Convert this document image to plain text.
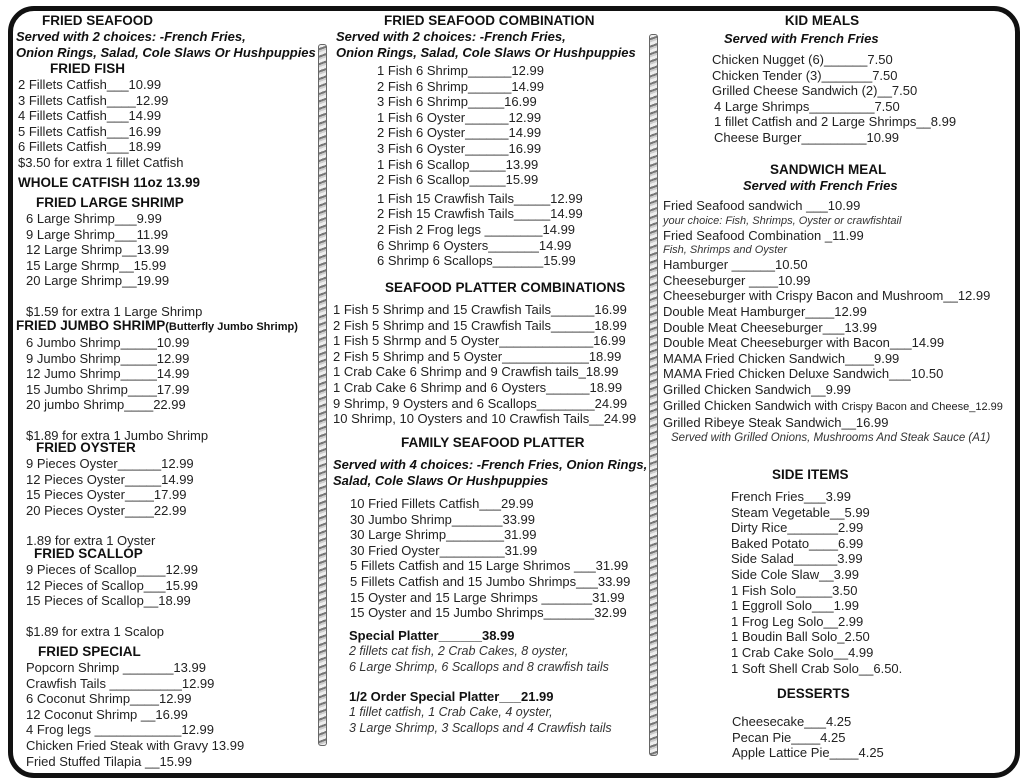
FRIED SEAFOOD
Served with 2 choices: -French Fries,
Onion Rings, Salad, Cole Slaws Or Hushpuppies
FRIED FISH
2 Fillets Catfish___10.99
3 Fillets Catfish____12.99
4 Fillets Catfish___14.99
5 Fillets Catfish___16.99
6 Fillets Catfish___18.99
$3.50 for extra 1 fillet Catfish
WHOLE CATFISH 11oz 13.99
FRIED LARGE SHRIMP
6 Large Shrimp___9.99
9 Large Shrimp___11.99
12 Large Shrimp__13.99
15 Large Shrmp__15.99
20 Large Shrimp__19.99
$1.59 for extra 1 Large Shrimp
FRIED JUMBO SHRIMP(Butterfly Jumbo Shrimp)
6 Jumbo Shrimp_____10.99
9 Jumbo Shrimp_____12.99
12 Jumo Shrimp_____14.99
15 Jumbo Shrimp____17.99
20 jumbo Shrimp____22.99
$1.89 for extra 1 Jumbo Shrimp
FRIED OYSTER
9 Pieces Oyster______12.99
12 Pieces Oyster_____14.99
15 Pieces Oyster____17.99
20 Pieces Oyster____22.99
1.89 for extra 1 Oyster
FRIED SCALLOP
9 Pieces of Scallop____12.99
12 Pieces of Scallop___15.99
15 Pieces of Scallop__18.99
$1.89 for extra 1 Scalop
FRIED SPECIAL
Popcorn Shrimp _______13.99
Crawfish Tails __________12.99
6 Coconut Shrimp____12.99
12 Coconut Shrimp __16.99
4 Frog legs ____________12.99
Chicken Fried Steak with Gravy 13.99
Fried Stuffed Tilapia __15.99
FRIED SEAFOOD COMBINATION
Served with 2 choices: -French Fries,
Onion Rings, Salad, Cole Slaws Or Hushpuppies
1 Fish 6 Shrimp______12.99
2 Fish 6 Shrimp______14.99
3 Fish 6 Shrimp_____16.99
1 Fish 6 Oyster______12.99
2 Fish 6 Oyster______14.99
3 Fish 6 Oyster______16.99
1 Fish 6 Scallop_____13.99
2 Fish 6 Scallop_____15.99
1 Fish 15 Crawfish Tails_____12.99
2 Fish 15 Crawfish Tails_____14.99
2 Fish 2 Frog legs ________14.99
6 Shrimp 6 Oysters_______14.99
6 Shrimp 6 Scallops_______15.99
SEAFOOD PLATTER COMBINATIONS
1 Fish 5 Shrimp and 15 Crawfish Tails______16.99
2 Fish 5 Shrimp and 15 Crawfish Tails______18.99
1 Fish 5 Shrmp and 5 Oyster_____________16.99
2 Fish 5 Shrimp and 5 Oyster____________18.99
1 Crab Cake 6 Shrimp and 9 Crawfish tails_18.99
1 Crab Cake 6 Shrimp and 6 Oysters______18.99
9 Shrimp, 9 Oysters and 6 Scallops________24.99
10 Shrimp, 10 Oysters and 10 Crawfish Tails__24.99
FAMILY SEAFOOD PLATTER
Served with 4 choices: -French Fries, Onion Rings,
Salad, Cole Slaws Or Hushpuppies
10 Fried Fillets Catfish___29.99
30 Jumbo Shrimp_______33.99
30 Large Shrimp________31.99
30 Fried Oyster_________31.99
5 Fillets Catfish and 15 Large Shrimos ___31.99
5 Fillets Catfish and 15 Jumbo Shrimps___33.99
15 Oyster and 15 Large Shrimps _______31.99
15 Oyster and 15 Jumbo Shrimps_______32.99
Special Platter______38.99
2 fillets cat fish, 2 Crab Cakes, 8 oyster,
6 Large Shrimp, 6 Scallops and 8 crawfish tails
1/2 Order Special Platter___21.99
1 fillet catfish, 1 Crab Cake, 4 oyster,
3 Large Shrimp, 3 Scallops and 4 Crawfish tails
KID MEALS
Served with French Fries
Chicken Nugget (6)______7.50
Chicken Tender (3)_______7.50
Grilled Cheese Sandwich (2)__7.50
4 Large Shrimps_________7.50
1 fillet Catfish and 2 Large Shrimps__8.99
Cheese Burger_________10.99
SANDWICH MEAL
Served with French Fries
Fried Seafood sandwich ___10.99
your choice: Fish, Shrimps, Oyster or crawfishtail
Fried Seafood Combination _11.99
Fish, Shrimps and Oyster
Hamburger ______10.50
Cheeseburger ____10.99
Cheeseburger with Crispy Bacon and Mushroom__12.99
Double Meat Hamburger____12.99
Double Meat Cheeseburger___13.99
Double Meat Cheeseburger with Bacon___14.99
MAMA Fried Chicken Sandwich____9.99
MAMA Fried Chicken Deluxe Sandwich___10.50
Grilled Chicken Sandwich__9.99
Grilled Chicken Sandwich with Crispy Bacon and Cheese_12.99
Grilled Ribeye Steak Sandwich__16.99
Served with Grilled Onions, Mushrooms And Steak Sauce (A1)
SIDE ITEMS
French Fries___3.99
Steam Vegetable__5.99
Dirty Rice_______2.99
Baked Potato____6.99
Side Salad______3.99
Side Cole Slaw__3.99
1 Fish Solo_____3.50
1 Eggroll Solo___1.99
1 Frog Leg Solo__2.99
1 Boudin Ball Solo_2.50
1 Crab Cake Solo__4.99
1 Soft Shell Crab Solo__6.50.
DESSERTS
Cheesecake___4.25
Pecan Pie____4.25
Apple Lattice Pie____4.25
